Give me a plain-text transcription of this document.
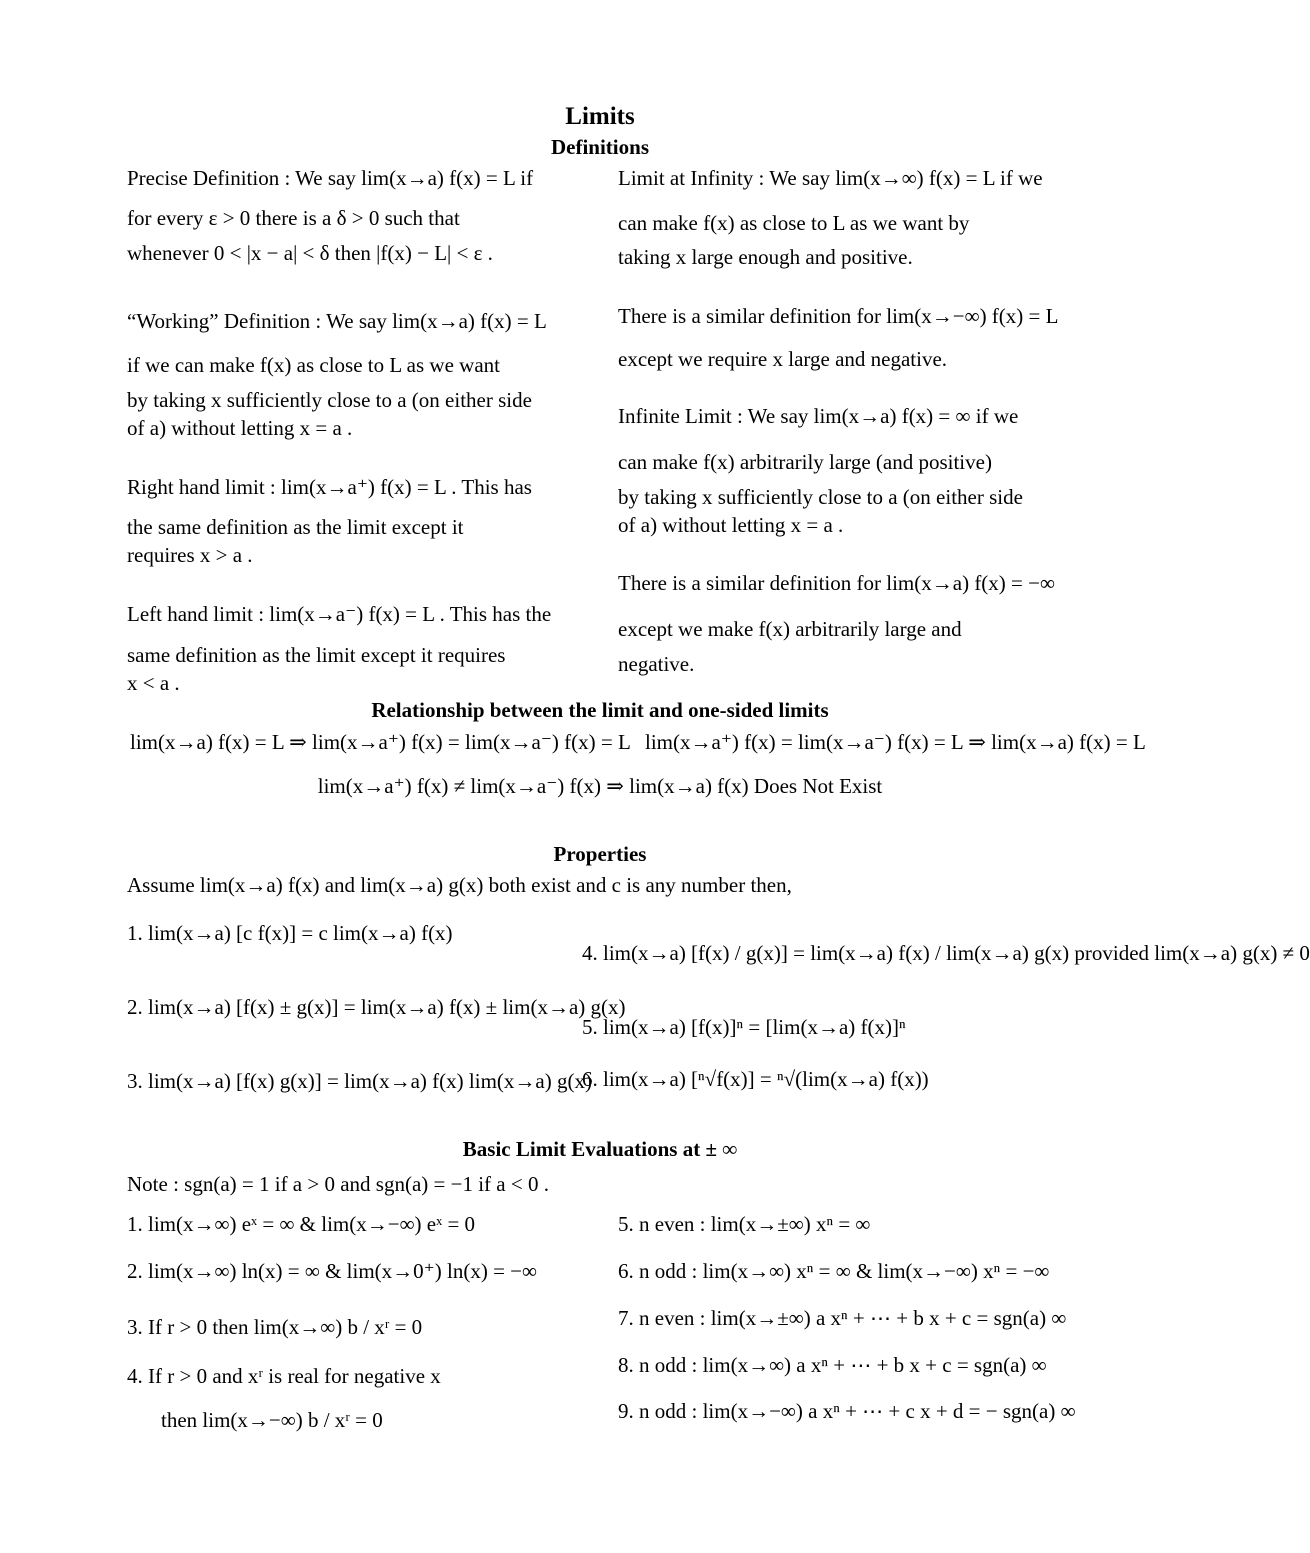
Limits
Definitions
Precise Definition : We say lim(x→a) f(x) = L if
for every ε > 0 there is a δ > 0 such that
whenever 0 < |x − a| < δ then |f(x) − L| < ε .
“Working” Definition : We say lim(x→a) f(x) = L
if we can make f(x) as close to L as we want
by taking x sufficiently close to a (on either side
of a) without letting x = a .
Right hand limit : lim(x→a⁺) f(x) = L . This has
the same definition as the limit except it
requires x > a .
Left hand limit : lim(x→a⁻) f(x) = L . This has the
same definition as the limit except it requires
x < a .
Limit at Infinity : We say lim(x→∞) f(x) = L if we
can make f(x) as close to L as we want by
taking x large enough and positive.
There is a similar definition for lim(x→−∞) f(x) = L
except we require x large and negative.
Infinite Limit : We say lim(x→a) f(x) = ∞ if we
can make f(x) arbitrarily large (and positive)
by taking x sufficiently close to a (on either side
of a) without letting x = a .
There is a similar definition for lim(x→a) f(x) = −∞
except we make f(x) arbitrarily large and
negative.
Relationship between the limit and one-sided limits
lim(x→a) f(x) = L ⇒ lim(x→a⁺) f(x) = lim(x→a⁻) f(x) = L lim(x→a⁺) f(x) = lim(x→a⁻) f(x) = L ⇒ lim(x→a) f(x) = L
lim(x→a⁺) f(x) ≠ lim(x→a⁻) f(x) ⇒ lim(x→a) f(x) Does Not Exist
Properties
Assume lim(x→a) f(x) and lim(x→a) g(x) both exist and c is any number then,
1. lim(x→a) [c f(x)] = c lim(x→a) f(x)
2. lim(x→a) [f(x) ± g(x)] = lim(x→a) f(x) ± lim(x→a) g(x)
3. lim(x→a) [f(x) g(x)] = lim(x→a) f(x) lim(x→a) g(x)
4. lim(x→a) [f(x) / g(x)] = lim(x→a) f(x) / lim(x→a) g(x) provided lim(x→a) g(x) ≠ 0
5. lim(x→a) [f(x)]ⁿ = [lim(x→a) f(x)]ⁿ
6. lim(x→a) [ⁿ√f(x)] = ⁿ√(lim(x→a) f(x))
Basic Limit Evaluations at ± ∞
Note : sgn(a) = 1 if a > 0 and sgn(a) = −1 if a < 0 .
1. lim(x→∞) eˣ = ∞ & lim(x→−∞) eˣ = 0
2. lim(x→∞) ln(x) = ∞ & lim(x→0⁺) ln(x) = −∞
3. If r > 0 then lim(x→∞) b / xʳ = 0
4. If r > 0 and xʳ is real for negative x
then lim(x→−∞) b / xʳ = 0
5. n even : lim(x→±∞) xⁿ = ∞
6. n odd : lim(x→∞) xⁿ = ∞ & lim(x→−∞) xⁿ = −∞
7. n even : lim(x→±∞) a xⁿ + ⋯ + b x + c = sgn(a) ∞
8. n odd : lim(x→∞) a xⁿ + ⋯ + b x + c = sgn(a) ∞
9. n odd : lim(x→−∞) a xⁿ + ⋯ + c x + d = − sgn(a) ∞
